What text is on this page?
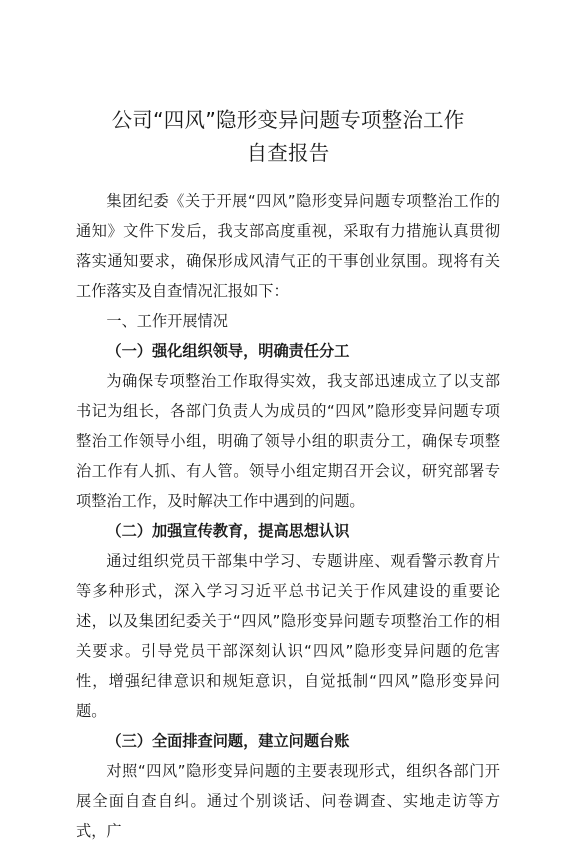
公司“四风”隐形变异问题专项整治工作
自查报告

集团纪委《关于开展“四风”隐形变异问题专项整治工作的通知》文件下发后，我支部高度重视，采取有力措施认真贯彻落实通知要求，确保形成风清气正的干事创业氛围。现将有关工作落实及自查情况汇报如下：

一、工作开展情况

（一）强化组织领导，明确责任分工

为确保专项整治工作取得实效，我支部迅速成立了以支部书记为组长，各部门负责人为成员的“四风”隐形变异问题专项整治工作领导小组，明确了领导小组的职责分工，确保专项整治工作有人抓、有人管。领导小组定期召开会议，研究部署专项整治工作，及时解决工作中遇到的问题。

（二）加强宣传教育，提高思想认识

通过组织党员干部集中学习、专题讲座、观看警示教育片等多种形式，深入学习习近平总书记关于作风建设的重要论述，以及集团纪委关于“四风”隐形变异问题专项整治工作的相关要求。引导党员干部深刻认识“四风”隐形变异问题的危害性，增强纪律意识和规矩意识，自觉抵制“四风”隐形变异问题。

（三）全面排查问题，建立问题台账

对照“四风”隐形变异问题的主要表现形式，组织各部门开展全面自查自纠。通过个别谈话、问卷调查、实地走访等方式，广
